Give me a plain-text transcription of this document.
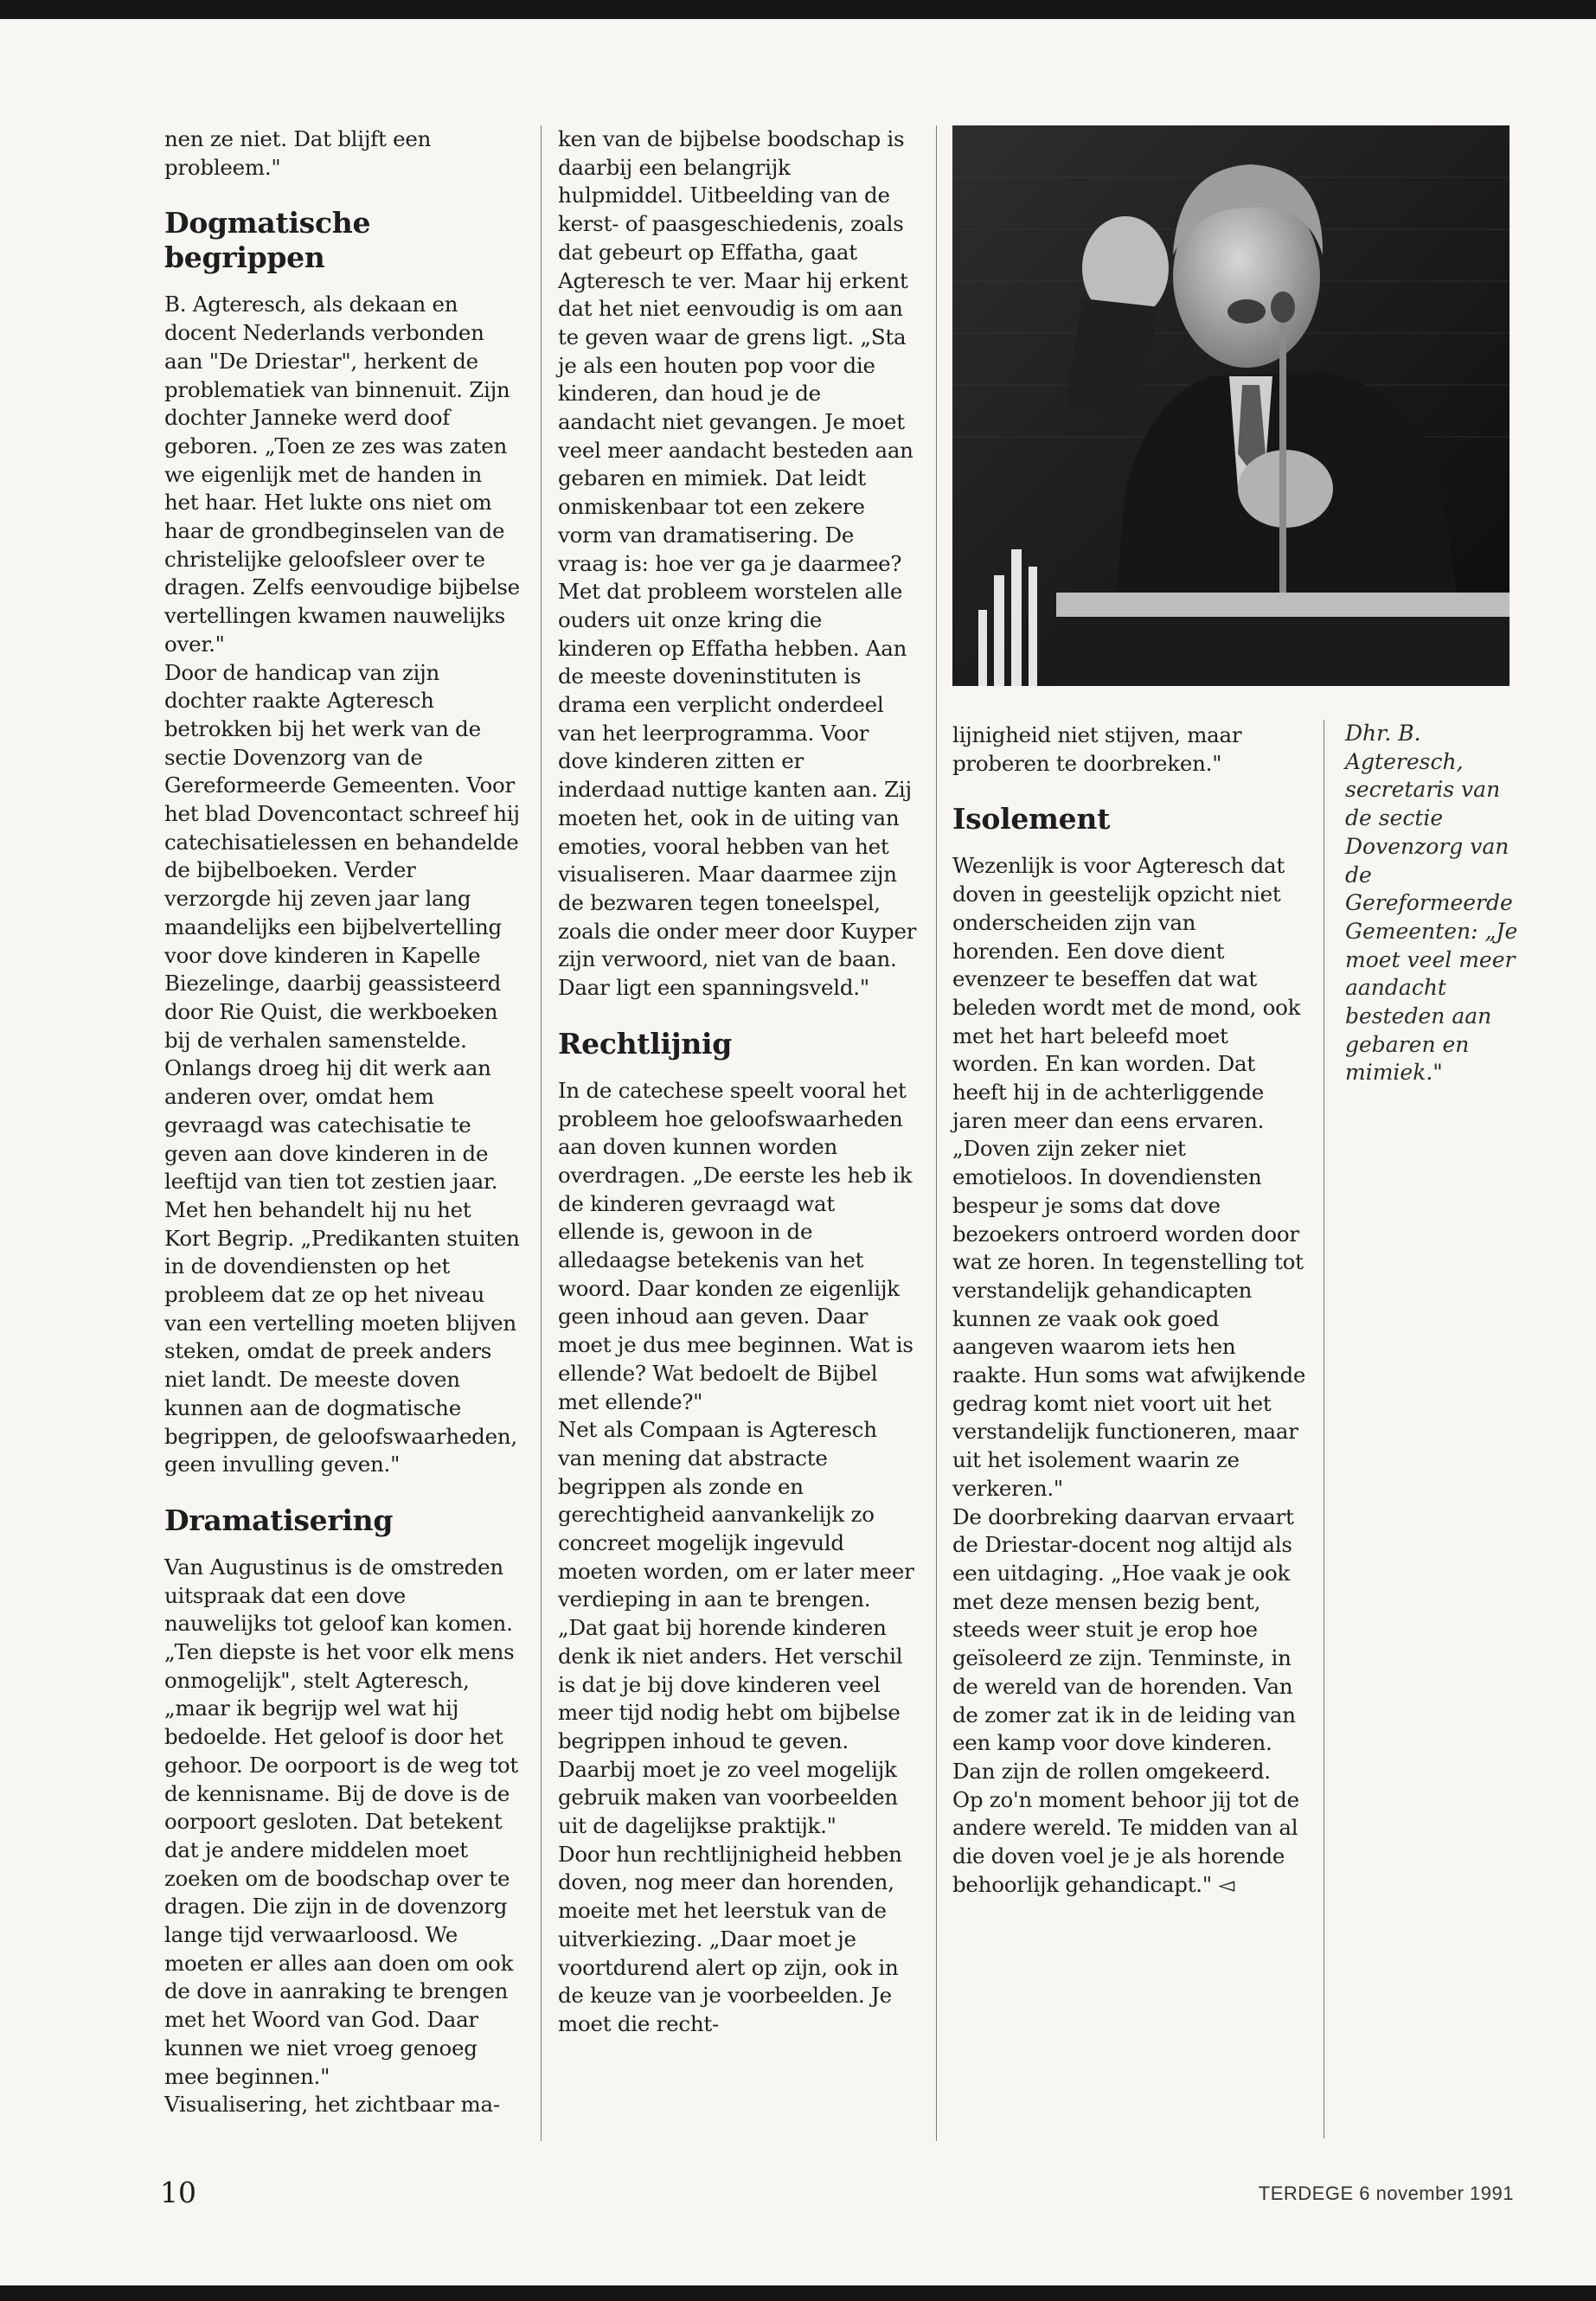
nen ze niet. Dat blijft een probleem."

Dogmatische begrippen

B. Agteresch, als dekaan en docent Nederlands verbonden aan "De Driestar", herkent de problematiek van binnenuit. Zijn dochter Janneke werd doof geboren. „Toen ze zes was zaten we eigenlijk met de handen in het haar. Het lukte ons niet om haar de grondbeginselen van de christelijke geloofsleer over te dragen. Zelfs eenvoudige bijbelse vertellingen kwamen nauwelijks over."

Door de handicap van zijn dochter raakte Agteresch betrokken bij het werk van de sectie Dovenzorg van de Gereformeerde Gemeenten. Voor het blad Dovencontact schreef hij catechisatielessen en behandelde de bijbelboeken. Verder verzorgde hij zeven jaar lang maandelijks een bijbelvertelling voor dove kinderen in Kapelle Biezelinge, daarbij geassisteerd door Rie Quist, die werkboeken bij de verhalen samenstelde. Onlangs droeg hij dit werk aan anderen over, omdat hem gevraagd was catechisatie te geven aan dove kinderen in de leeftijd van tien tot zestien jaar. Met hen behandelt hij nu het Kort Begrip. „Predikanten stuiten in de dovendiensten op het probleem dat ze op het niveau van een vertelling moeten blijven steken, omdat de preek anders niet landt. De meeste doven kunnen aan de dogmatische begrippen, de geloofswaarheden, geen invulling geven."

Dramatisering

Van Augustinus is de omstreden uitspraak dat een dove nauwelijks tot geloof kan komen. „Ten diepste is het voor elk mens onmogelijk", stelt Agteresch, „maar ik begrijp wel wat hij bedoelde. Het geloof is door het gehoor. De oorpoort is de weg tot de kennisname. Bij de dove is de oorpoort gesloten. Dat betekent dat je andere middelen moet zoeken om de boodschap over te dragen. Die zijn in de dovenzorg lange tijd verwaarloosd. We moeten er alles aan doen om ook de dove in aanraking te brengen met het Woord van God. Daar kunnen we niet vroeg genoeg mee beginnen."

Visualisering, het zichtbaar ma-

ken van de bijbelse boodschap is daarbij een belangrijk hulpmiddel. Uitbeelding van de kerst- of paasgeschiedenis, zoals dat gebeurt op Effatha, gaat Agteresch te ver. Maar hij erkent dat het niet eenvoudig is om aan te geven waar de grens ligt. „Sta je als een houten pop voor die kinderen, dan houd je de aandacht niet gevangen. Je moet veel meer aandacht besteden aan gebaren en mimiek. Dat leidt onmiskenbaar tot een zekere vorm van dramatisering. De vraag is: hoe ver ga je daarmee?

Met dat probleem worstelen alle ouders uit onze kring die kinderen op Effatha hebben. Aan de meeste doveninstituten is drama een verplicht onderdeel van het leerprogramma. Voor dove kinderen zitten er inderdaad nuttige kanten aan. Zij moeten het, ook in de uiting van emoties, vooral hebben van het visualiseren. Maar daarmee zijn de bezwaren tegen toneelspel, zoals die onder meer door Kuyper zijn verwoord, niet van de baan. Daar ligt een spanningsveld."

Rechtlijnig

In de catechese speelt vooral het probleem hoe geloofswaarheden aan doven kunnen worden overdragen. „De eerste les heb ik de kinderen gevraagd wat ellende is, gewoon in de alledaagse betekenis van het woord. Daar konden ze eigenlijk geen inhoud aan geven. Daar moet je dus mee beginnen. Wat is ellende? Wat bedoelt de Bijbel met ellende?"

Net als Compaan is Agteresch van mening dat abstracte begrippen als zonde en gerechtigheid aanvankelijk zo concreet mogelijk ingevuld moeten worden, om er later meer verdieping in aan te brengen. „Dat gaat bij horende kinderen denk ik niet anders. Het verschil is dat je bij dove kinderen veel meer tijd nodig hebt om bijbelse begrippen inhoud te geven. Daarbij moet je zo veel mogelijk gebruik maken van voorbeelden uit de dagelijkse praktijk."

Door hun rechtlijnigheid hebben doven, nog meer dan horenden, moeite met het leerstuk van de uitverkiezing. „Daar moet je voortdurend alert op zijn, ook in de keuze van je voorbeelden. Je moet die recht-

lijnigheid niet stijven, maar proberen te doorbreken."

Isolement

Wezenlijk is voor Agteresch dat doven in geestelijk opzicht niet onderscheiden zijn van horenden. Een dove dient evenzeer te beseffen dat wat beleden wordt met de mond, ook met het hart beleefd moet worden. En kan worden. Dat heeft hij in de achterliggende jaren meer dan eens ervaren.

„Doven zijn zeker niet emotieloos. In dovendiensten bespeur je soms dat dove bezoekers ontroerd worden door wat ze horen. In tegenstelling tot verstandelijk gehandicapten kunnen ze vaak ook goed aangeven waarom iets hen raakte. Hun soms wat afwijkende gedrag komt niet voort uit het verstandelijk functioneren, maar uit het isolement waarin ze verkeren."

De doorbreking daarvan ervaart de Driestar-docent nog altijd als een uitdaging. „Hoe vaak je ook met deze mensen bezig bent, steeds weer stuit je erop hoe geïsoleerd ze zijn. Tenminste, in de wereld van de horenden. Van de zomer zat ik in de leiding van een kamp voor dove kinderen. Dan zijn de rollen omgekeerd. Op zo'n moment behoor jij tot de andere wereld. Te midden van al die doven voel je je als horende behoorlijk gehandicapt." ◅

Dhr. B. Agteresch, secretaris van de sectie Dovenzorg van de Gereformeerde Gemeenten: „Je moet veel meer aandacht besteden aan gebaren en mimiek."
10	TERDEGE 6 november 1991
